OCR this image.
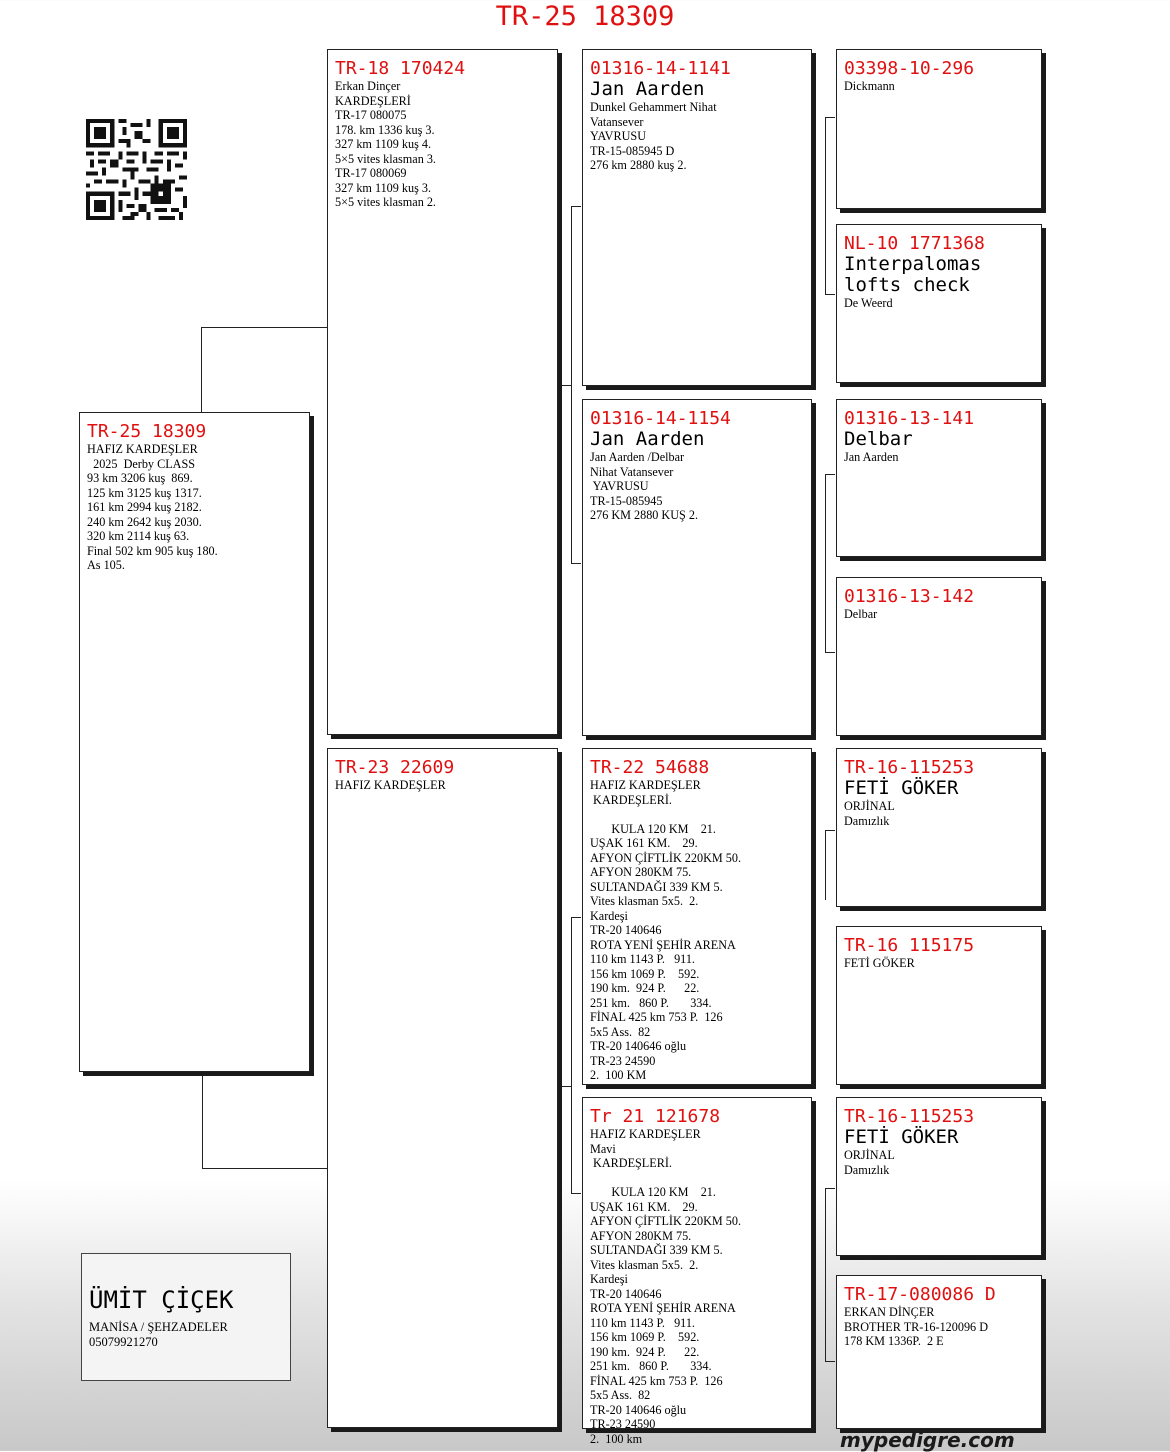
TR-25 18309
TR-25 18309
HAFIZ KARDEŞLER
2025  Derby CLASS
93 km 3206 kuş  869.
125 km 3125 kuş 1317.
161 km 2994 kuş 2182.
240 km 2642 kuş 2030.
320 km 2114 kuş 63.
Final 502 km 905 kuş 180.
As 105.
TR-18 170424
Erkan Dinçer
KARDEŞLERİ
TR-17 080075
178. km 1336 kuş 3.
327 km 1109 kuş 4.
5×5 vites klasman 3.
TR-17 080069
327 km 1109 kuş 3.
5×5 vites klasman 2.
TR-23 22609
HAFIZ KARDEŞLER
01316-14-1141
Jan Aarden
Dunkel Gehammert Nihat
Vatansever
YAVRUSU
TR-15-085945 D
276 km 2880 kuş 2.
01316-14-1154
Jan Aarden
Jan Aarden /Delbar
Nihat Vatansever
YAVRUSU
TR-15-085945
276 KM 2880 KUŞ 2.
TR-22 54688
HAFIZ KARDEŞLER
KARDEŞLERİ.

KULA 120 KM    21.
UŞAK 161 KM.    29.
AFYON ÇİFTLİK 220KM 50.
AFYON 280KM 75.
SULTANDAĞI 339 KM 5.
Vites klasman 5x5.  2.
Kardeşi
TR-20 140646
ROTA YENİ ŞEHİR ARENA
110 km 1143 P.   911.
156 km 1069 P.    592.
190 km.  924 P.      22.
251 km.   860 P.       334.
FİNAL 425 km 753 P.  126
5x5 Ass.  82
TR-20 140646 oğlu
TR-23 24590
2.  100 KM
Tr 21 121678
HAFIZ KARDEŞLER
Mavi
KARDEŞLERİ.

KULA 120 KM    21.
UŞAK 161 KM.    29.
AFYON ÇİFTLİK 220KM 50.
AFYON 280KM 75.
SULTANDAĞI 339 KM 5.
Vites klasman 5x5.  2.
Kardeşi
TR-20 140646
ROTA YENİ ŞEHİR ARENA
110 km 1143 P.   911.
156 km 1069 P.    592.
190 km.  924 P.      22.
251 km.   860 P.       334.
FİNAL 425 km 753 P.  126
5x5 Ass.  82
TR-20 140646 oğlu
TR-23 24590
2.  100 km
03398-10-296
Dickmann
NL-10 1771368
Interpalomas
lofts check
De Weerd
01316-13-141
Delbar
Jan Aarden
01316-13-142
Delbar
TR-16-115253
FETİ GÖKER
ORJİNAL
Damızlık
TR-16 115175
FETİ GÖKER
TR-16-115253
FETİ GÖKER
ORJİNAL
Damızlık
TR-17-080086 D
ERKAN DİNÇER
BROTHER TR-16-120096 D
178 KM 1336P.  2 E
ÜMİT ÇİÇEK
MANİSA / ŞEHZADELER
05079921270
mypedigre.com
